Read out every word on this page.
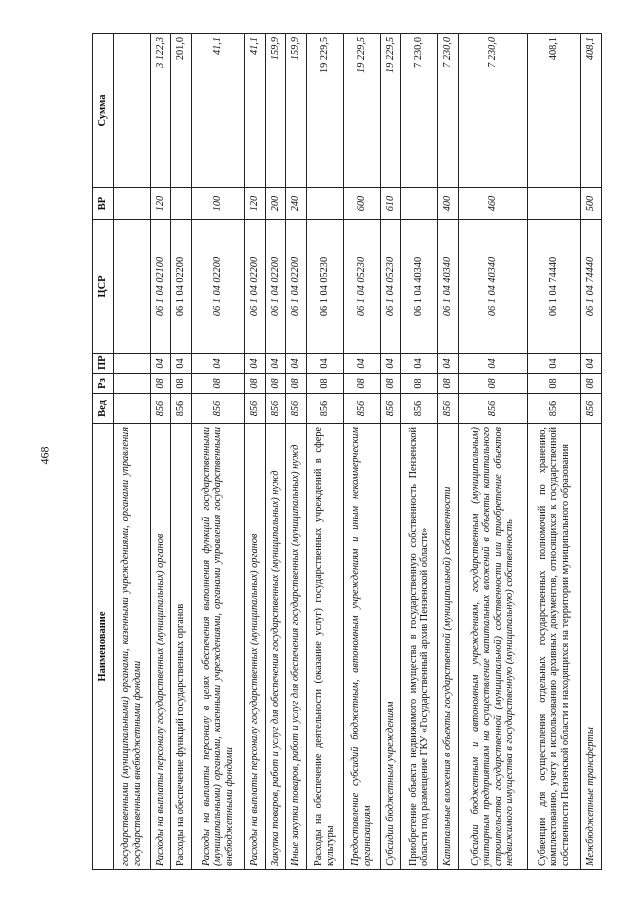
468
Наименование	Вед	Рз	ПР	ЦСР	ВР	Сумма
государственными (муниципальными) органами, казенными учреждениями, органами управления государственными внебюджетными фондами						
Расходы на выплаты персоналу государственных (муниципальных) органов	856	08	04	06 1 04 02100	120	3 122,3
Расходы на обеспечение функций государственных органов	856	08	04	06 1 04 02200		201,0
Расходы на выплаты персоналу в целях обеспечения выполнения функций государственными (муниципальными) органами, казенными учреждениями, органами управления государственными внебюджетными фондами	856	08	04	06 1 04 02200	100	41,1
Расходы на выплаты персоналу государственных (муниципальных) органов	856	08	04	06 1 04 02200	120	41,1
Закупка товаров, работ и услуг для обеспечения государственных (муниципальных) нужд	856	08	04	06 1 04 02200	200	159,9
Иные закупки товаров, работ и услуг для обеспечения государственных (муниципальных) нужд	856	08	04	06 1 04 02200	240	159,9
Расходы на обеспечение деятельности (оказание услуг) государственных учреждений в сфере культуры	856	08	04	06 1 04 05230		19 229,5
Предоставление субсидий бюджетным, автономным учреждениям и иным некоммерческим организациям	856	08	04	06 1 04 05230	600	19 229,5
Субсидии бюджетным учреждениям	856	08	04	06 1 04 05230	610	19 229,5
Приобретение объекта недвижимого имущества в государственную собственность Пензенской области под размещение ГКУ «Государственный архив Пензенской области»	856	08	04	06 1 04 40340		7 230,0
Капитальные вложения в объекты государственной (муниципальной) собственности	856	08	04	06 1 04 40340	400	7 230,0
Субсидии бюджетным и автономным учреждениям, государственным (муниципальным) унитарным предприятиям на осуществление капитальных вложений в объекты капитального строительства государственной (муниципальной) собственности или приобретение объектов недвижимого имущества в государственную (муниципальную) собственность	856	08	04	06 1 04 40340	460	7 230,0
Субвенции для осуществления отдельных государственных полномочий по хранению, комплектованию, учету и использованию архивных документов, относящихся к государственной собственности Пензенской области и находящихся на территории муниципального образования	856	08	04	06 1 04 74440		408,1
Межбюджетные трансферты	856	08	04	06 1 04 74440	500	408,1
